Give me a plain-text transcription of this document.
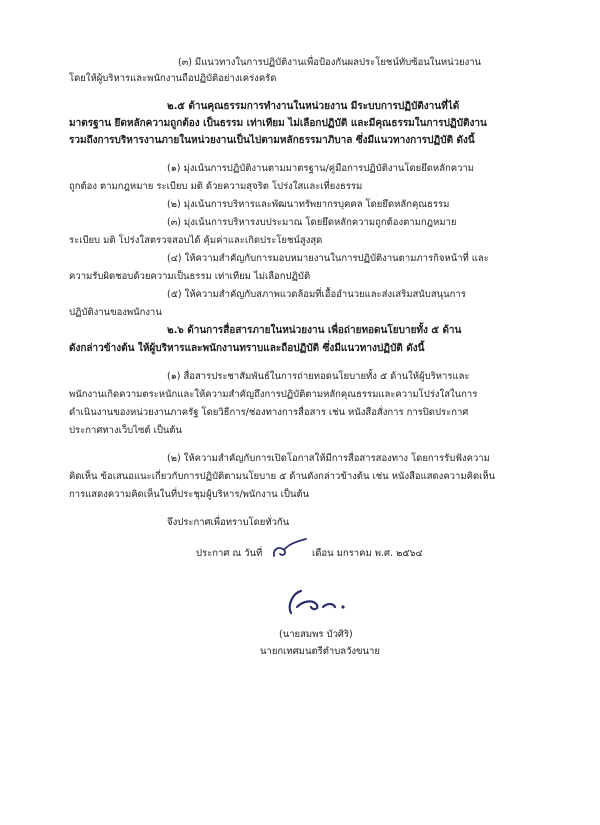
(๓) มีแนวทางในการปฏิบัติงานเพื่อป้องกันผลประโยชน์ทับซ้อนในหน่วยงาน
โดยให้ผู้บริหารและพนักงานถือปฏิบัติอย่างเคร่งครัด
๒.๕ ด้านคุณธรรมการทำงานในหน่วยงาน มีระบบการปฏิบัติงานที่ได้
มาตรฐาน ยึดหลักความถูกต้อง เป็นธรรม เท่าเทียม ไม่เลือกปฏิบัติ และมีคุณธรรมในการปฏิบัติงาน
รวมถึงการบริหารงานภายในหน่วยงานเป็นไปตามหลักธรรมาภิบาล ซึ่งมีแนวทางการปฏิบัติ ดังนี้
(๑) มุ่งเน้นการปฏิบัติงานตามมาตรฐาน/คู่มือการปฏิบัติงานโดยยึดหลักความ
ถูกต้อง ตามกฎหมาย ระเบียบ มติ ด้วยความสุจริต โปร่งใสและเที่ยงธรรม
(๒) มุ่งเน้นการบริหารและพัฒนาทรัพยากรบุคคล โดยยึดหลักคุณธรรม
(๓) มุ่งเน้นการบริหารงบประมาณ โดยยึดหลักความถูกต้องตามกฎหมาย
ระเบียบ มติ โปร่งใสตรวจสอบได้ คุ้มค่าและเกิดประโยชน์สูงสุด
(๔) ให้ความสำคัญกับการมอบหมายงานในการปฏิบัติงานตามภารกิจหน้าที่ และ
ความรับผิดชอบด้วยความเป็นธรรม เท่าเทียม ไม่เลือกปฏิบัติ
(๕) ให้ความสำคัญกับสภาพแวดล้อมที่เอื้ออำนวยและส่งเสริมสนับสนุนการ
ปฏิบัติงานของพนักงาน
๒.๖ ด้านการสื่อสารภายในหน่วยงาน เพื่อถ่ายทอดนโยบายทั้ง ๕ ด้าน
ดังกล่าวข้างต้น ให้ผู้บริหารและพนักงานทราบและถือปฏิบัติ ซึ่งมีแนวทางปฏิบัติ ดังนี้
(๑) สื่อสารประชาสัมพันธ์ในการถ่ายทอดนโยบายทั้ง ๕ ด้านให้ผู้บริหารและ
พนักงานเกิดความตระหนักและให้ความสำคัญถึงการปฏิบัติตามหลักคุณธรรมและความโปร่งใสในการ
ดำเนินงานของหน่วยงานภาครัฐ โดยวิธีการ/ช่องทางการสื่อสาร เช่น หนังสือสั่งการ การปิดประกาศ
ประกาศทางเว็บไซต์ เป็นต้น
(๒) ให้ความสำคัญกับการเปิดโอกาสให้มีการสื่อสารสองทาง โดยการรับฟังความ
คิดเห็น ข้อเสนอแนะเกี่ยวกับการปฏิบัติตามนโยบาย ๕ ด้านดังกล่าวข้างต้น เช่น หนังสือแสดงความคิดเห็น
การแสดงความคิดเห็นในที่ประชุมผู้บริหาร/พนักงาน เป็นต้น
จึงประกาศเพื่อทราบโดยทั่วกัน
ประกาศ ณ วันที่	เดือน มกราคม พ.ศ. ๒๕๖๔
(นายสมพร บัวศิริ)
นายกเทศมนตรีตำบลวังขนาย
